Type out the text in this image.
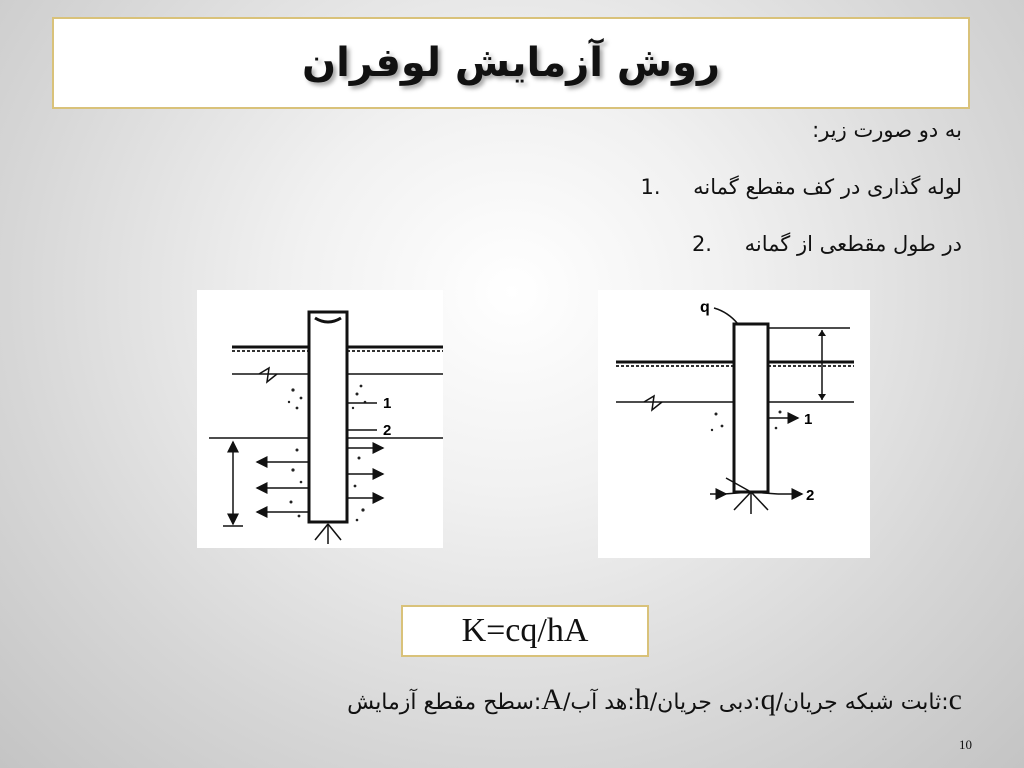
روش آزمایش لوفران
به دو صورت زیر:
لوله گذاری در کف مقطع گمانه 1.
در طول مقطعی از گمانه 2.
1
2
q
1
2
K=cq/hA
c:ثابت شبکه جریان/q:دبی جریان/h:هد آب/A:سطح مقطع آزمایش
10
